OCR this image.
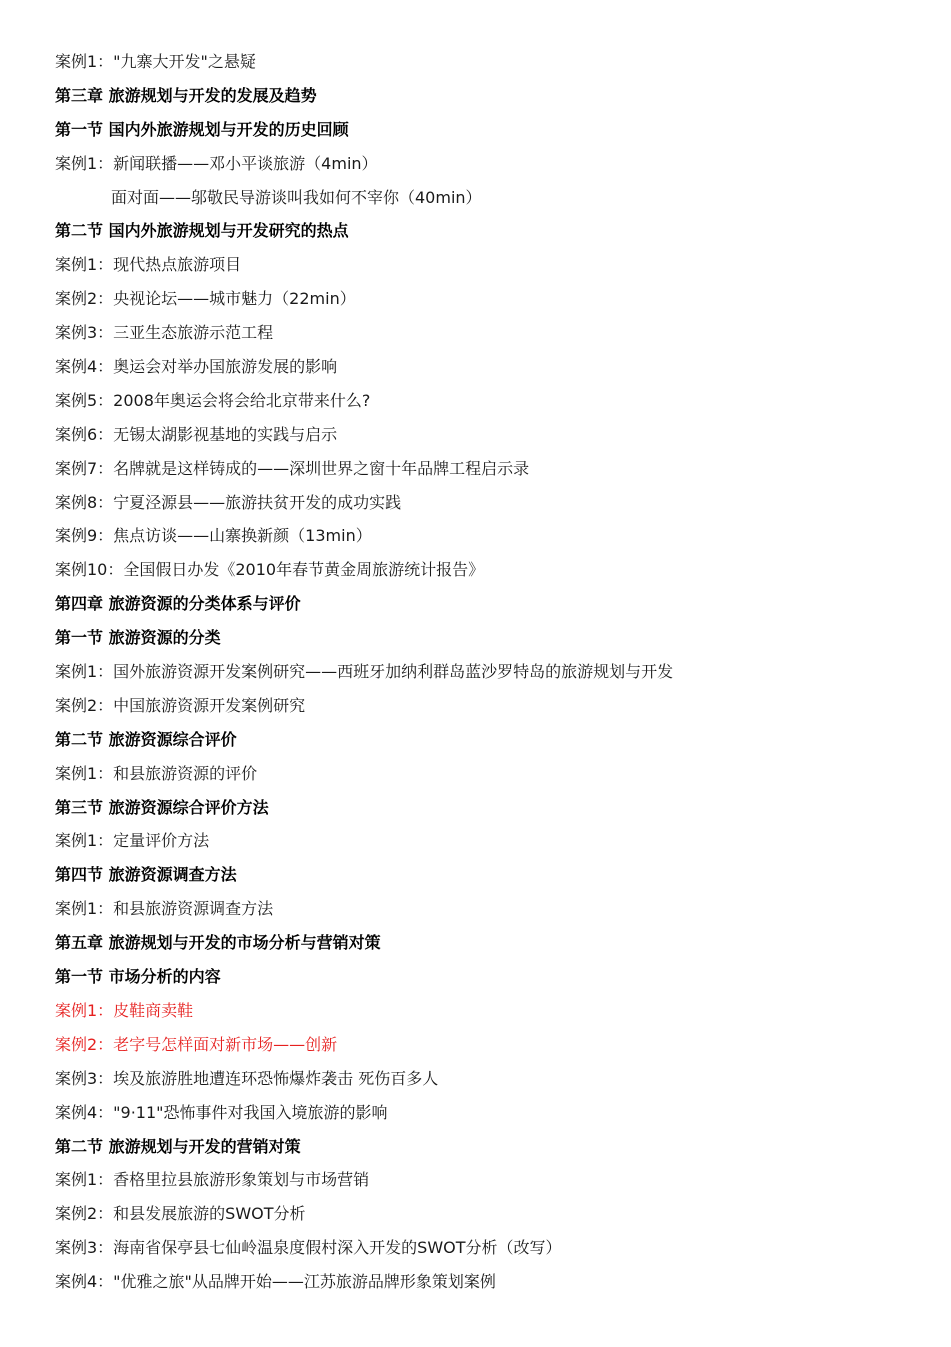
案例1："九寨大开发"之悬疑
第三章 旅游规划与开发的发展及趋势
第一节 国内外旅游规划与开发的历史回顾
案例1：新闻联播——邓小平谈旅游（4min）
面对面——邬敬民导游谈叫我如何不宰你（40min）
第二节 国内外旅游规划与开发研究的热点
案例1：现代热点旅游项目
案例2：央视论坛——城市魅力（22min）
案例3：三亚生态旅游示范工程
案例4：奥运会对举办国旅游发展的影响
案例5：2008年奥运会将会给北京带来什么?
案例6：无锡太湖影视基地的实践与启示
案例7：名牌就是这样铸成的——深圳世界之窗十年品牌工程启示录
案例8：宁夏泾源县——旅游扶贫开发的成功实践
案例9：焦点访谈——山寨换新颜（13min）
案例10：全国假日办发《2010年春节黄金周旅游统计报告》
第四章 旅游资源的分类体系与评价
第一节 旅游资源的分类
案例1：国外旅游资源开发案例研究——西班牙加纳利群岛蓝沙罗特岛的旅游规划与开发
案例2：中国旅游资源开发案例研究
第二节 旅游资源综合评价
案例1：和县旅游资源的评价
第三节 旅游资源综合评价方法
案例1：定量评价方法
第四节 旅游资源调查方法
案例1：和县旅游资源调查方法
第五章 旅游规划与开发的市场分析与营销对策
第一节 市场分析的内容
案例1：皮鞋商卖鞋
案例2：老字号怎样面对新市场——创新
案例3：埃及旅游胜地遭连环恐怖爆炸袭击 死伤百多人
案例4："9·11"恐怖事件对我国入境旅游的影响
第二节 旅游规划与开发的营销对策
案例1：香格里拉县旅游形象策划与市场营销
案例2：和县发展旅游的SWOT分析
案例3：海南省保亭县七仙岭温泉度假村深入开发的SWOT分析（改写）
案例4："优雅之旅"从品牌开始——江苏旅游品牌形象策划案例
